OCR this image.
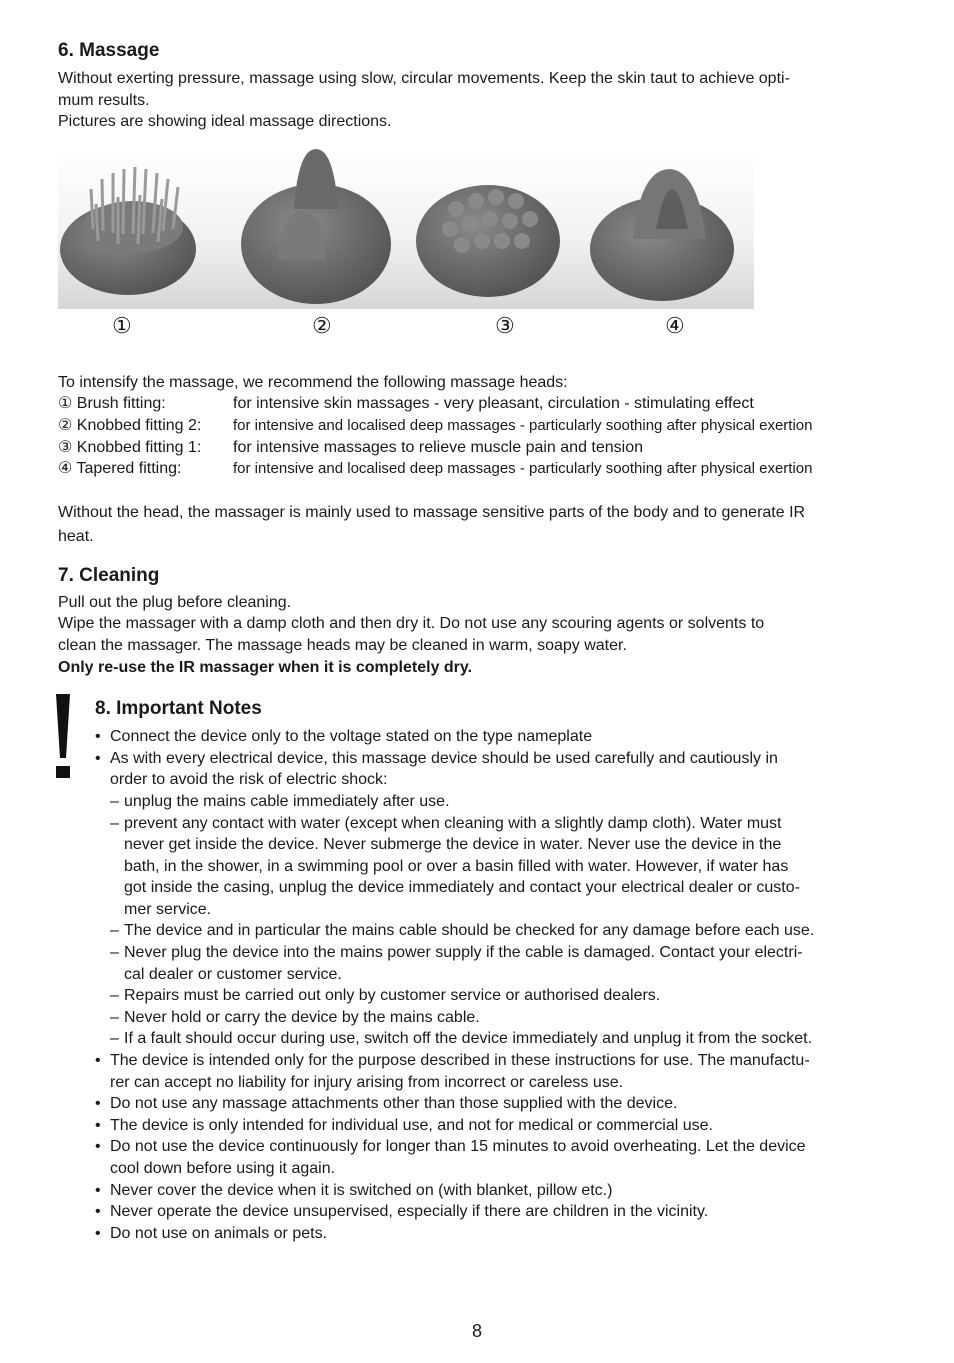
6. Massage

Without exerting pressure, massage using slow, circular movements. Keep the skin taut to achieve opti-

mum results.

Pictures are showing ideal massage directions.

①	②	③	④

To intensify the massage, we recommend the following massage heads:

① Brush fitting:	for intensive skin massages - very pleasant, circulation - stimulating effect
② Knobbed fitting 2:	for intensive and localised deep massages - particularly soothing after physical exertion
③ Knobbed fitting 1:	for intensive massages to relieve muscle pain and tension
④ Tapered fitting:	for intensive and localised deep massages - particularly soothing after physical exertion

Without the head, the massager is mainly used to massage sensitive parts of the body and to generate IR

heat.

7. Cleaning

Pull out the plug before cleaning.

Wipe the massager with a damp cloth and then dry it. Do not use any scouring agents or solvents to

clean the massager. The massage heads may be cleaned in warm, soapy water.

Only re-use the IR massager when it is completely dry.

8. Important Notes
• Connect the device only to the voltage stated on the type nameplate
• As with every electrical device, this massage device should be used carefully and cautiously in
order to avoid the risk of electric shock:
– unplug the mains cable immediately after use.
– prevent any contact with water (except when cleaning with a slightly damp cloth). Water must
never get inside the device. Never submerge the device in water. Never use the device in the
bath, in the shower, in a swimming pool or over a basin filled with water. However, if water has
got inside the casing, unplug the device immediately and contact your electrical dealer or custo-
mer service.
– The device and in particular the mains cable should be checked for any damage before each use.
– Never plug the device into the mains power supply if the cable is damaged. Contact your electri-
cal dealer or customer service.
– Repairs must be carried out only by customer service or authorised dealers.
– Never hold or carry the device by the mains cable.
– If a fault should occur during use, switch off the device immediately and unplug it from the socket.
• The device is intended only for the purpose described in these instructions for use. The manufactu-
rer can accept no liability for injury arising from incorrect or careless use.
• Do not use any massage attachments other than those supplied with the device.
• The device is only intended for individual use, and not for medical or commercial use.
• Do not use the device continuously for longer than 15 minutes to avoid overheating. Let the device
cool down before using it again.
• Never cover the device when it is switched on (with blanket, pillow etc.)
• Never operate the device unsupervised, especially if there are children in the vicinity.
• Do not use on animals or pets.
8
